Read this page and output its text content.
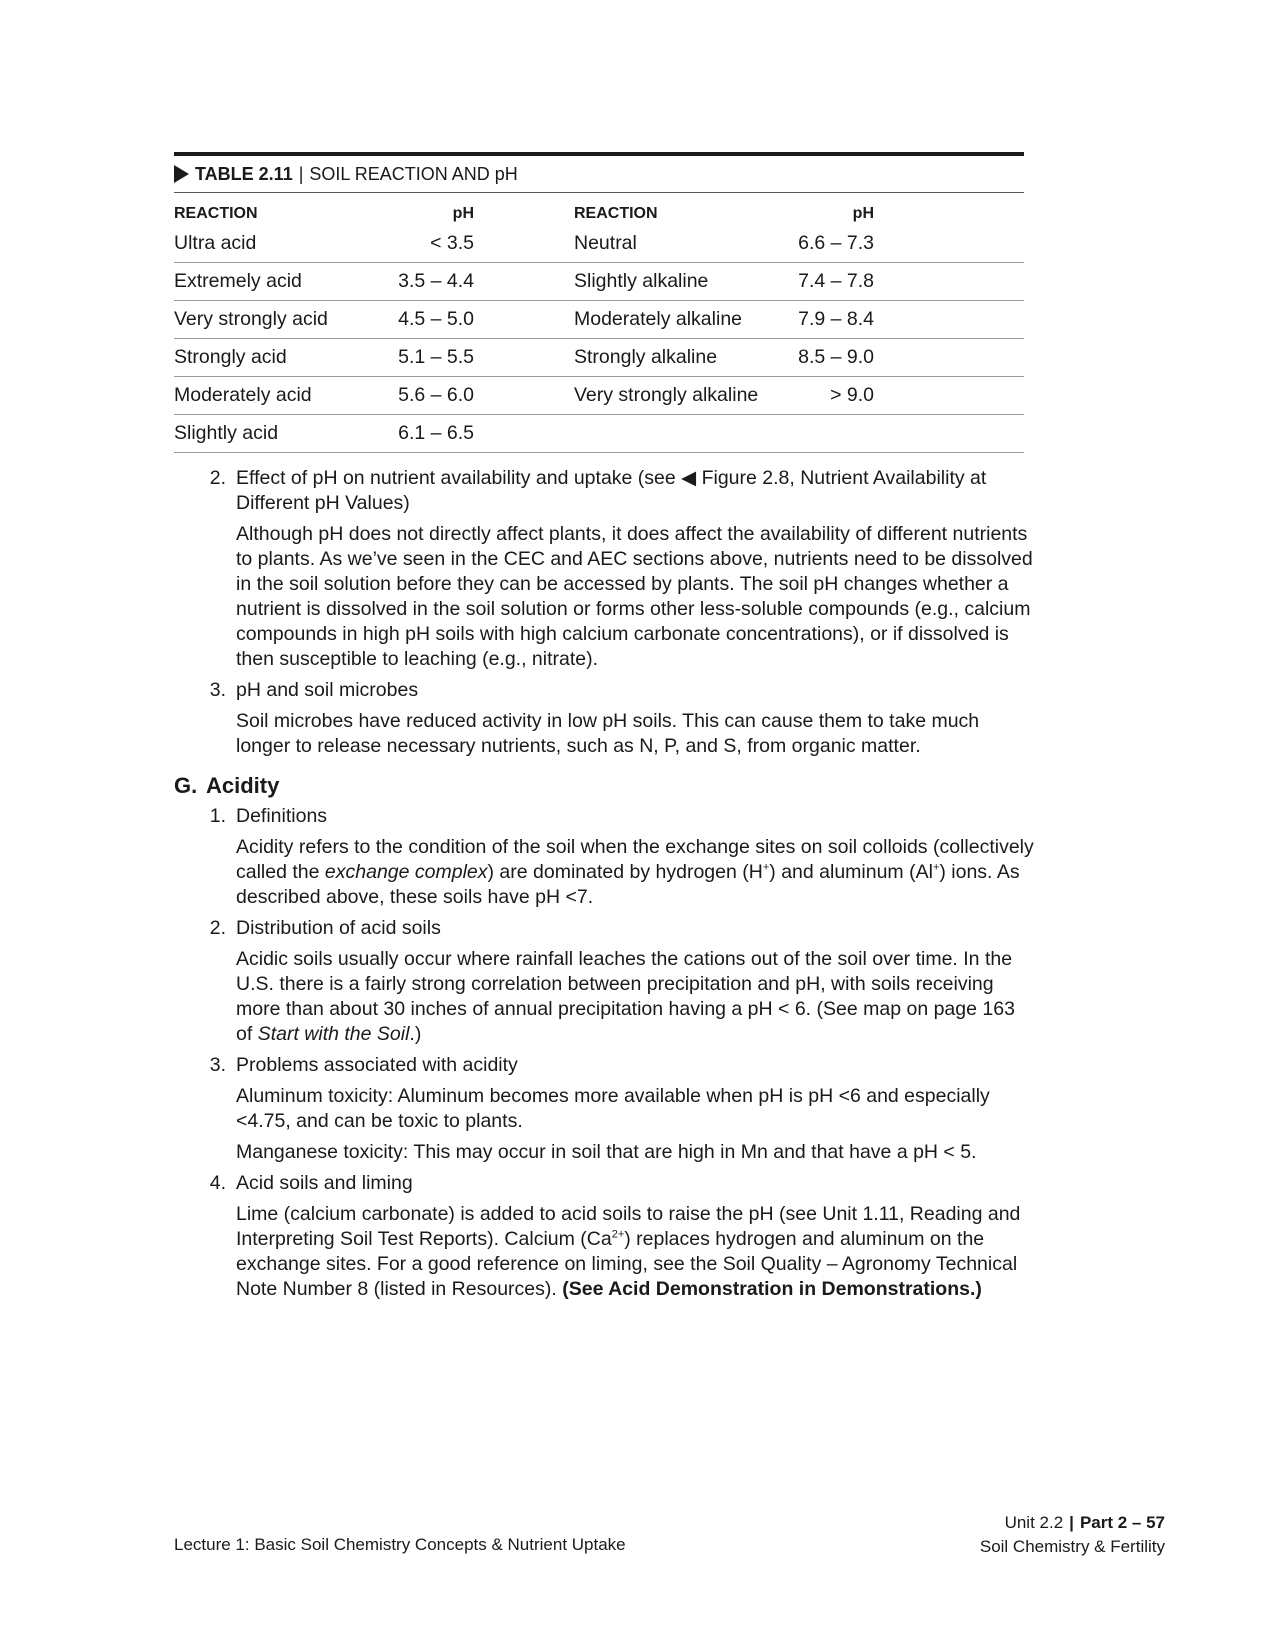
TABLE 2.11 | SOIL REACTION AND pH
REACTION	pH	REACTION	pH
Ultra acid	< 3.5	Neutral	6.6 – 7.3
Extremely acid	3.5 – 4.4	Slightly alkaline	7.4 – 7.8
Very strongly acid	4.5 – 5.0	Moderately alkaline	7.9 – 8.4
Strongly acid	5.1 – 5.5	Strongly alkaline	8.5 – 9.0
Moderately acid	5.6 – 6.0	Very strongly alkaline	> 9.0
Slightly acid	6.1 – 6.5
2. Effect of pH on nutrient availability and uptake (see ◀ Figure 2.8, Nutrient Availability at Different pH Values)
Although pH does not directly affect plants, it does affect the availability of different nutrients to plants. As we’ve seen in the CEC and AEC sections above, nutrients need to be dissolved in the soil solution before they can be accessed by plants. The soil pH changes whether a nutrient is dissolved in the soil solution or forms other less-soluble compounds (e.g., calcium compounds in high pH soils with high calcium carbonate concentrations), or if dissolved is then susceptible to leaching (e.g., nitrate).
3. pH and soil microbes
Soil microbes have reduced activity in low pH soils. This can cause them to take much longer to release necessary nutrients, such as N, P, and S, from organic matter.
G. Acidity
1. Definitions
Acidity refers to the condition of the soil when the exchange sites on soil colloids (collectively called the exchange complex) are dominated by hydrogen (H+) and aluminum (Al+) ions. As described above, these soils have pH <7.
2. Distribution of acid soils
Acidic soils usually occur where rainfall leaches the cations out of the soil over time. In the U.S. there is a fairly strong correlation between precipitation and pH, with soils receiving more than about 30 inches of annual precipitation having a pH < 6. (See map on page 163 of Start with the Soil.)
3. Problems associated with acidity
Aluminum toxicity: Aluminum becomes more available when pH is pH <6 and especially <4.75, and can be toxic to plants.
Manganese toxicity: This may occur in soil that are high in Mn and that have a pH < 5.
4. Acid soils and liming
Lime (calcium carbonate) is added to acid soils to raise the pH (see Unit 1.11, Reading and Interpreting Soil Test Reports). Calcium $(Ca^{2+})$ replaces hydrogen and aluminum on the exchange sites. For a good reference on liming, see the Soil Quality – Agronomy Technical Note Number 8 (listed in Resources). (See Acid Demonstration in Demonstrations.)
Lecture 1: Basic Soil Chemistry Concepts & Nutrient Uptake
Unit 2.2 | Part 2 – 57
Soil Chemistry & Fertility
